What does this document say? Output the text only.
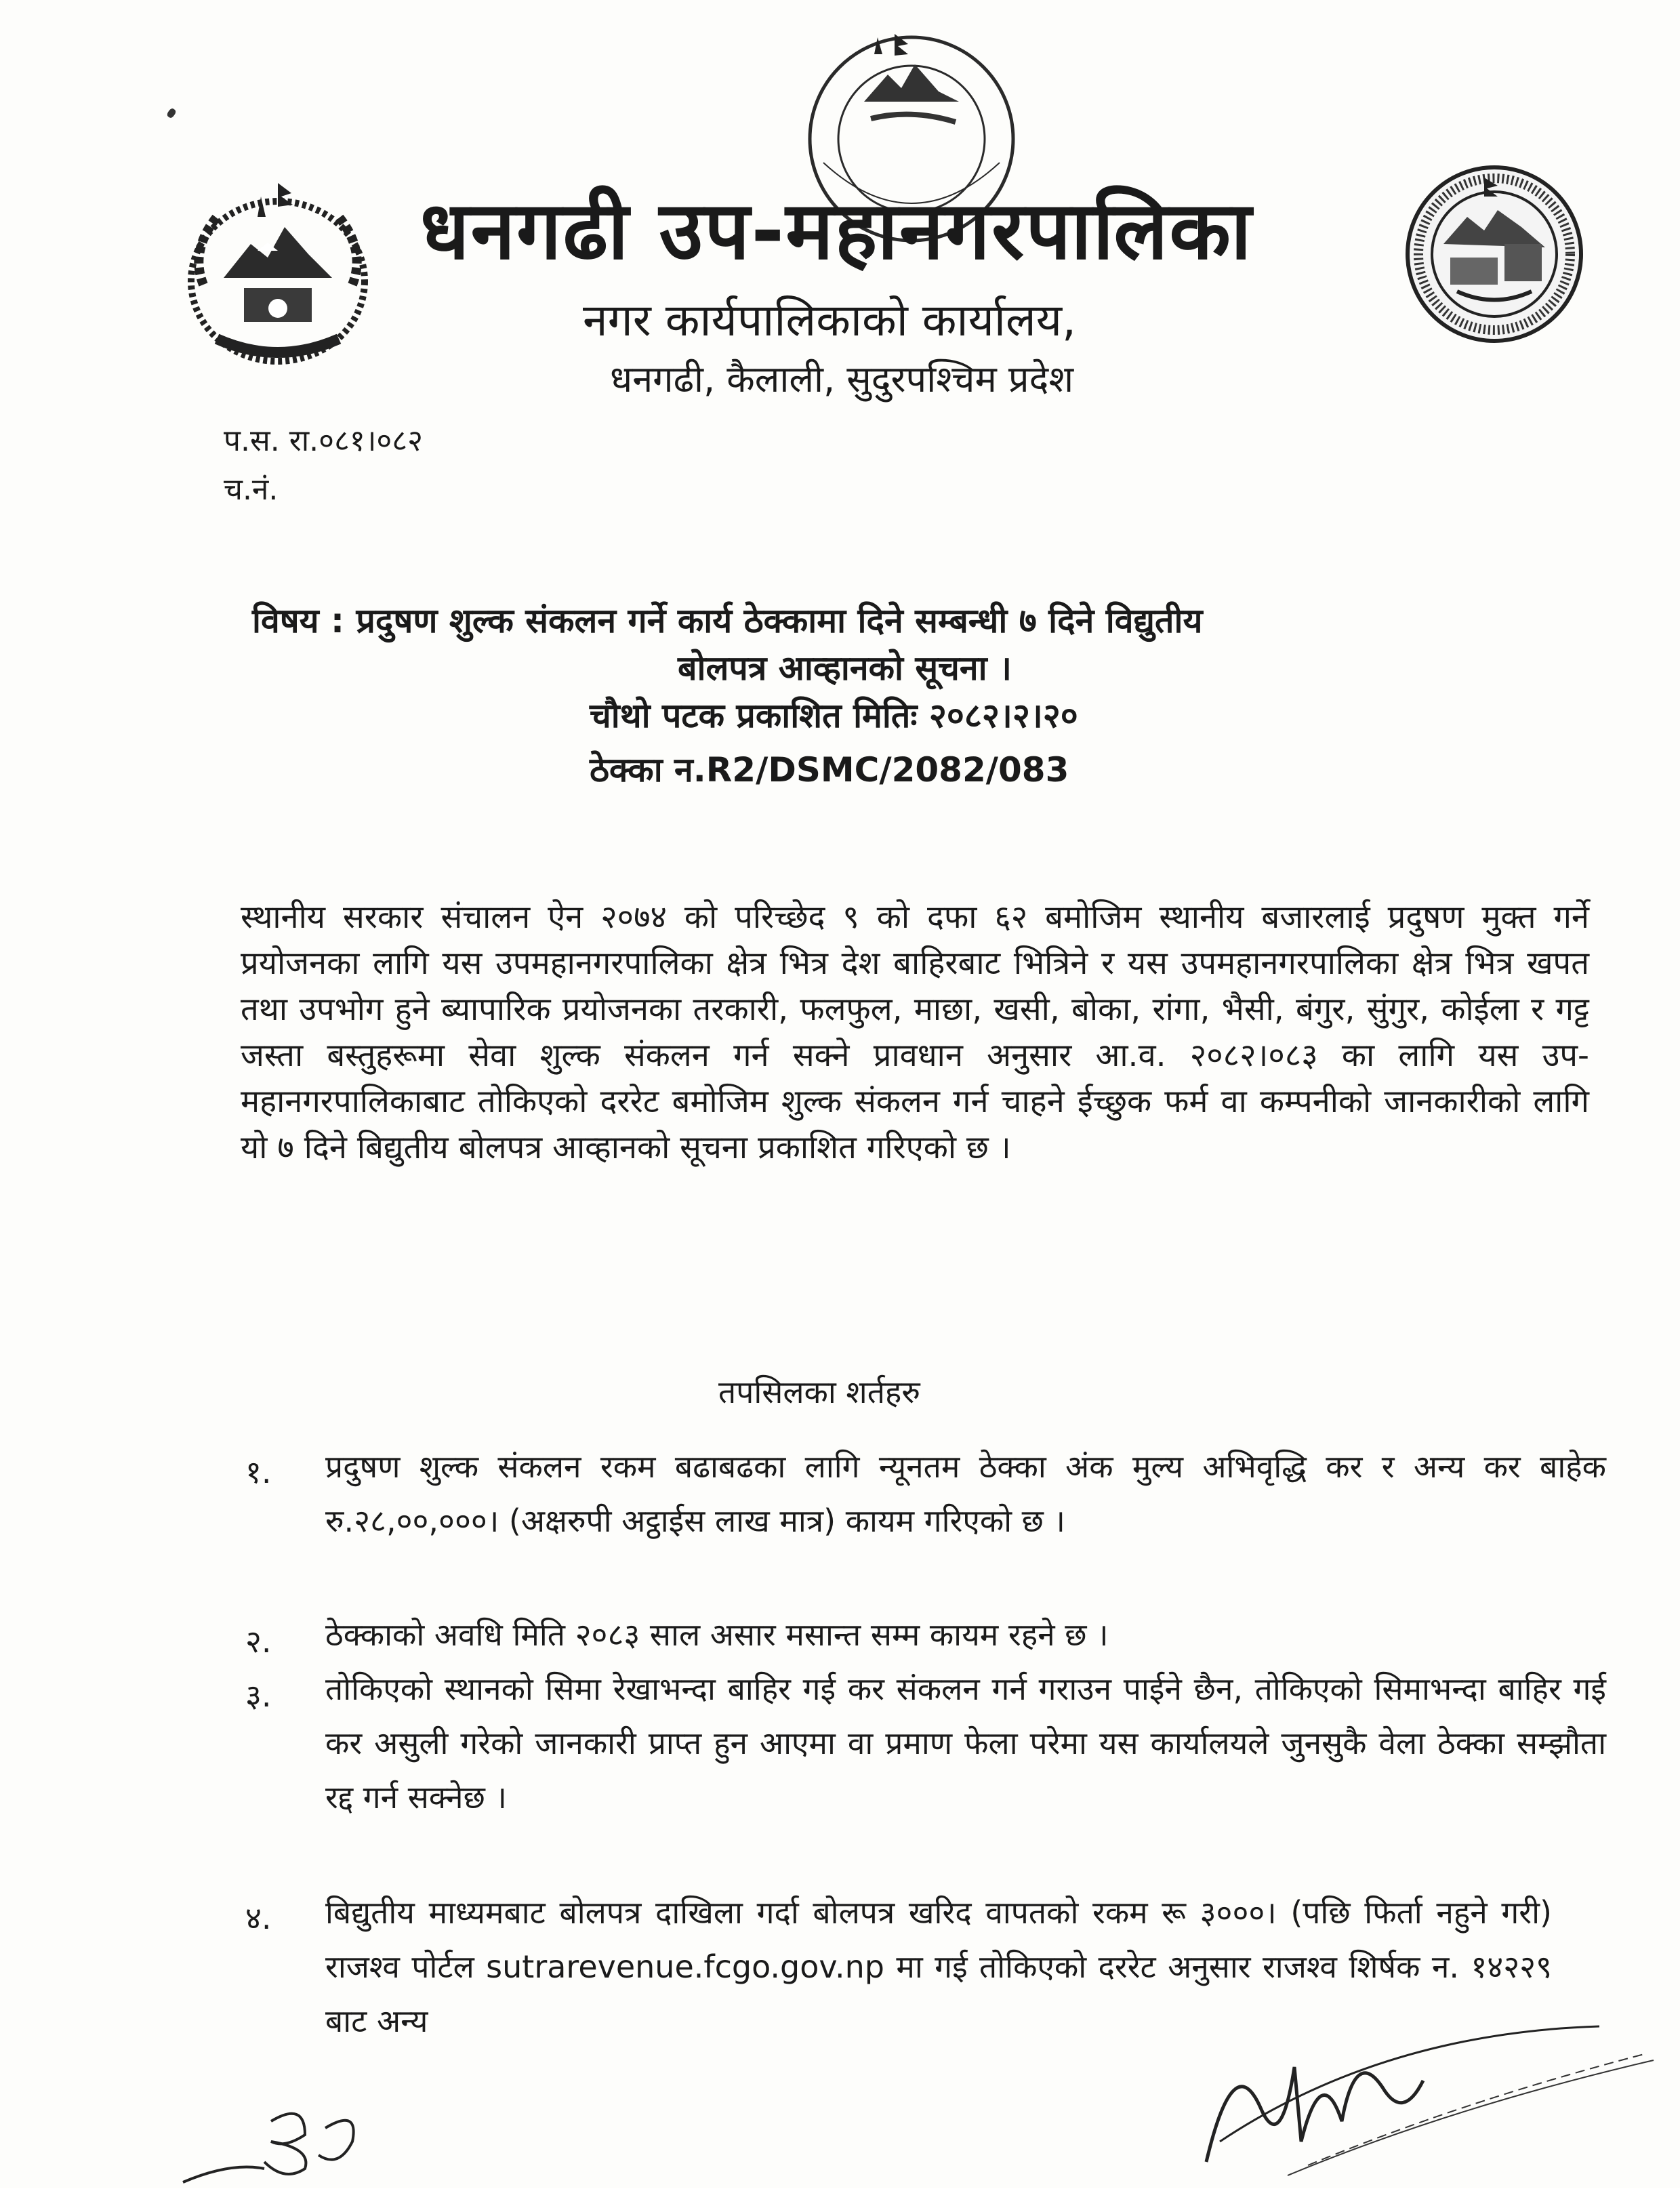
धनगढी उप-महानगरपालिका
नगर कार्यपालिकाको कार्यालय,
धनगढी, कैलाली, सुदुरपश्चिम प्रदेश
प.स. रा.०८१।०८२
च.नं.
विषय : प्रदुषण शुल्क संकलन गर्ने कार्य ठेक्कामा दिने सम्बन्धी ७ दिने विद्युतीय
बोलपत्र आव्हानको सूचना ।
चौथो पटक प्रकाशित मितिः २०८२।२।२०
ठेक्का न.R2/DSMC/2082/083
स्थानीय सरकार संचालन ऐन २०७४ को परिच्छेद ९ को दफा ६२ बमोजिम स्थानीय बजारलाई प्रदुषण मुक्त गर्ने प्रयोजनका लागि यस उपमहानगरपालिका क्षेत्र भित्र देश बाहिरबाट भित्रिने र यस उपमहानगरपालिका क्षेत्र भित्र खपत तथा उपभोग हुने ब्यापारिक प्रयोजनका तरकारी, फलफुल, माछा, खसी, बोका, रांगा, भैसी, बंगुर, सुंगुर, कोईला र गट्ट जस्ता बस्तुहरूमा सेवा शुल्क संकलन गर्न सक्ने प्रावधान अनुसार आ.व. २०८२।०८३ का लागि यस उप-महानगरपालिकाबाट तोकिएको दररेट बमोजिम शुल्क संकलन गर्न चाहने ईच्छुक फर्म वा कम्पनीको जानकारीको लागि यो ७ दिने बिद्युतीय बोलपत्र आव्हानको सूचना प्रकाशित गरिएको छ ।
तपसिलका शर्तहरु
१. प्रदुषण शुल्क संकलन रकम बढाबढका लागि न्यूनतम ठेक्का अंक मुल्य अभिवृद्धि कर र अन्य कर बाहेक रु.२८,००,०००। (अक्षरुपी अट्ठाईस लाख मात्र) कायम गरिएको छ ।
२. ठेक्काको अवधि मिति २०८३ साल असार मसान्त सम्म कायम रहने छ ।
३. तोकिएको स्थानको सिमा रेखाभन्दा बाहिर गई कर संकलन गर्न गराउन पाईने छैन, तोकिएको सिमाभन्दा बाहिर गई कर असुली गरेको जानकारी प्राप्त हुन आएमा वा प्रमाण फेला परेमा यस कार्यालयले जुनसुकै वेला ठेक्का सम्झौता रद्द गर्न सक्नेछ ।
४. बिद्युतीय माध्यमबाट बोलपत्र दाखिला गर्दा बोलपत्र खरिद वापतको रकम रू ३०००। (पछि फिर्ता नहुने गरी) राजश्व पोर्टल sutrarevenue.fcgo.gov.np मा गई तोकिएको दररेट अनुसार राजश्व शिर्षक न. १४२२९ बाट अन्य
